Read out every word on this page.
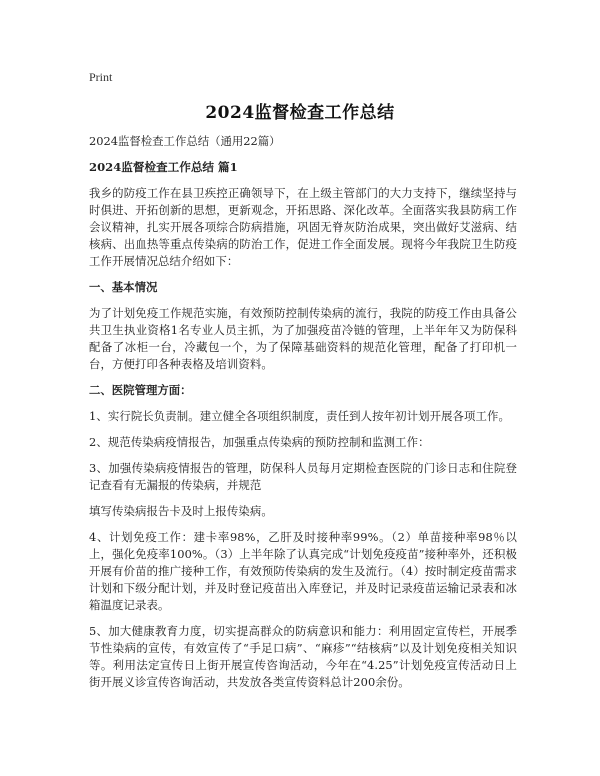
Print
2024监督检查工作总结
2024监督检查工作总结（通用22篇）
2024监督检查工作总结 篇1

我乡的防疫工作在县卫疾控正确领导下，在上级主管部门的大力支持下，继续坚持与时俱进、开拓创新的思想，更新观念，开拓思路、深化改革。全面落实我县防病工作会议精神，扎实开展各项综合防病措施，巩固无脊灰防治成果，突出做好艾滋病、结核病、出血热等重点传染病的防治工作，促进工作全面发展。现将今年我院卫生防疫工作开展情况总结介绍如下：

一、基本情况

为了计划免疫工作规范实施，有效预防控制传染病的流行，我院的防疫工作由具备公共卫生执业资格1名专业人员主抓，为了加强疫苗冷链的管理，上半年年又为防保科配备了冰柜一台，冷藏包一个，为了保障基础资料的规范化管理，配备了打印机一台，方便打印各种表格及培训资料。

二、医院管理方面：

1、实行院长负责制。建立健全各项组织制度，责任到人按年初计划开展各项工作。

2、规范传染病疫情报告，加强重点传染病的预防控制和监测工作：

3、加强传染病疫情报告的管理，防保科人员每月定期检查医院的门诊日志和住院登记查看有无漏报的传染病，并规范

填写传染病报告卡及时上报传染病。

4、计划免疫工作：建卡率98%，乙肝及时接种率99%。（2）单苗接种率98％以上，强化免疫率100%。（3）上半年除了认真完成“计划免疫疫苗”接种率外，还积极开展有价苗的推广接种工作，有效预防传染病的发生及流行。（4）按时制定疫苗需求计划和下级分配计划，并及时登记疫苗出入库登记，并及时记录疫苗运输记录表和冰箱温度记录表。

5、加大健康教育力度，切实提高群众的防病意识和能力：利用固定宣传栏，开展季节性染病的宣传，有效宣传了“手足口病”、“麻疹”“结核病”以及计划免疫相关知识等。利用法定宣传日上街开展宣传咨询活动，今年在“4.25”计划免疫宣传活动日上街开展义诊宣传咨询活动，共发放各类宣传资料总计200余份。
